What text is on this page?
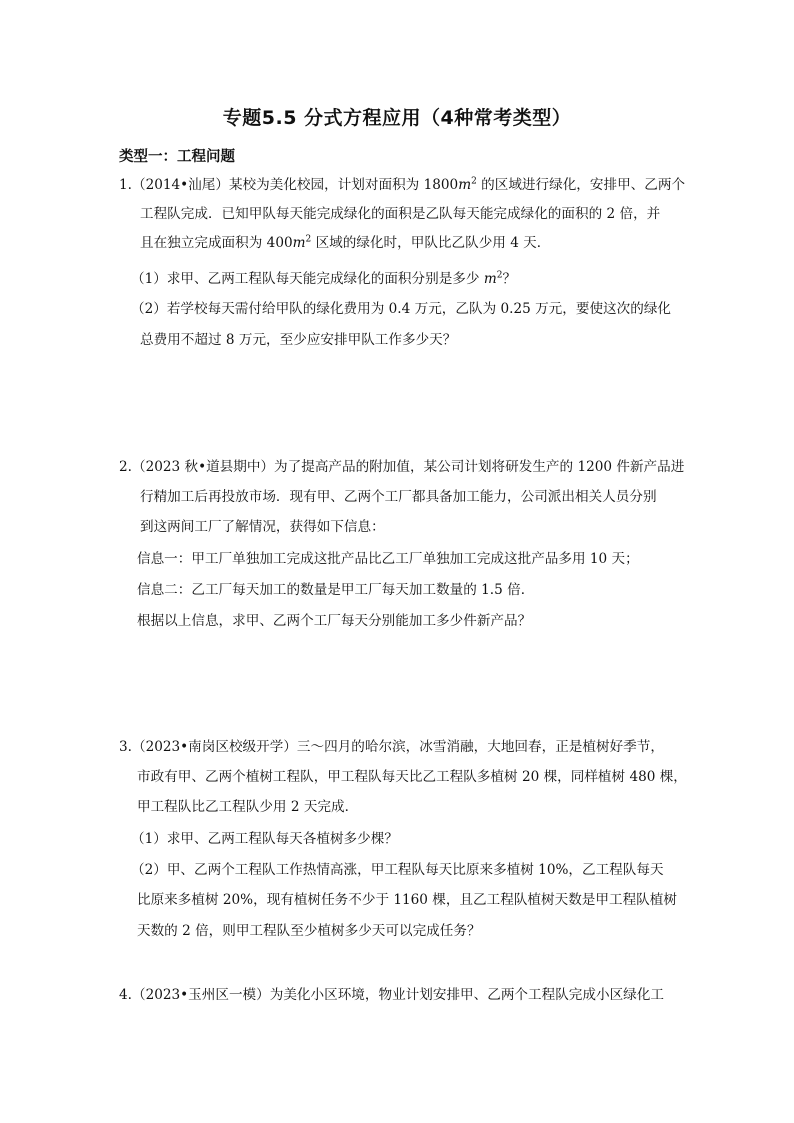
专题5.5 分式方程应用（4种常考类型）
类型一：工程问题
1.（2014•汕尾）某校为美化校园，计划对面积为 $1800m^2$ 的区域进行绿化，安排甲、乙两个
工程队完成．已知甲队每天能完成绿化的面积是乙队每天能完成绿化的面积的 2 倍，并
且在独立完成面积为 $400m^2$ 区域的绿化时，甲队比乙队少用 4 天．
（1）求甲、乙两工程队每天能完成绿化的面积分别是多少 $m^2$？
（2）若学校每天需付给甲队的绿化费用为 0.4 万元，乙队为 0.25 万元，要使这次的绿化
总费用不超过 8 万元，至少应安排甲队工作多少天？
2.（2023 秋•道县期中）为了提高产品的附加值，某公司计划将研发生产的 1200 件新产品进
行精加工后再投放市场．现有甲、乙两个工厂都具备加工能力，公司派出相关人员分别
到这两间工厂了解情况，获得如下信息：
信息一：甲工厂单独加工完成这批产品比乙工厂单独加工完成这批产品多用 10 天；
信息二：乙工厂每天加工的数量是甲工厂每天加工数量的 1.5 倍．
根据以上信息，求甲、乙两个工厂每天分别能加工多少件新产品？
3.（2023•南岗区校级开学）三～四月的哈尔滨，冰雪消融，大地回春，正是植树好季节，
市政有甲、乙两个植树工程队，甲工程队每天比乙工程队多植树 20 棵，同样植树 480 棵，
甲工程队比乙工程队少用 2 天完成．
（1）求甲、乙两工程队每天各植树多少棵？
（2）甲、乙两个工程队工作热情高涨，甲工程队每天比原来多植树 10%，乙工程队每天
比原来多植树 20%，现有植树任务不少于 1160 棵，且乙工程队植树天数是甲工程队植树
天数的 2 倍，则甲工程队至少植树多少天可以完成任务？
4.（2023•玉州区一模）为美化小区环境，物业计划安排甲、乙两个工程队完成小区绿化工
